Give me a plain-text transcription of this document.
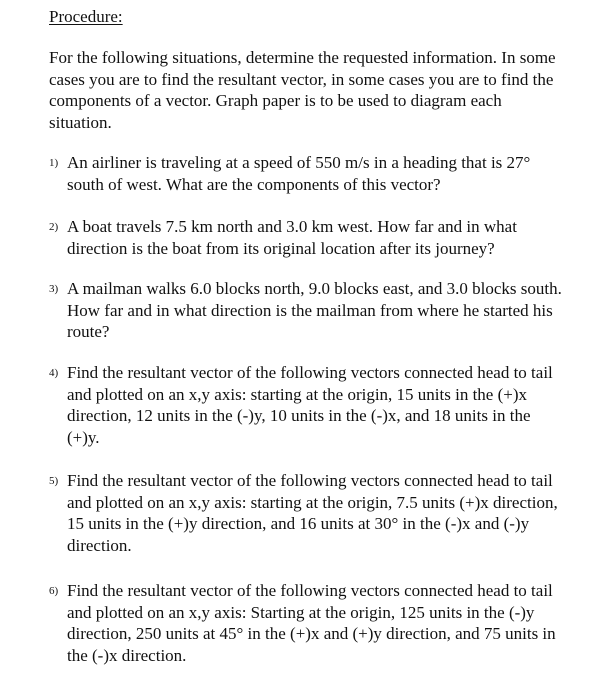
Procedure:

For the following situations, determine the requested information. In some cases you are to find the resultant vector, in some cases you are to find the components of a vector. Graph paper is to be used to diagram each situation.

1) An airliner is traveling at a speed of 550 m/s in a heading that is 27° south of west. What are the components of this vector?
2) A boat travels 7.5 km north and 3.0 km west. How far and in what direction is the boat from its original location after its journey?
3) A mailman walks 6.0 blocks north, 9.0 blocks east, and 3.0 blocks south. How far and in what direction is the mailman from where he started his route?
4) Find the resultant vector of the following vectors connected head to tail and plotted on an x,y axis: starting at the origin, 15 units in the (+)x direction, 12 units in the (-)y, 10 units in the (-)x, and 18 units in the (+)y.
5) Find the resultant vector of the following vectors connected head to tail and plotted on an x,y axis: starting at the origin, 7.5 units (+)x direction, 15 units in the (+)y direction, and 16 units at 30° in the (-)x and (-)y direction.
6) Find the resultant vector of the following vectors connected head to tail and plotted on an x,y axis: Starting at the origin, 125 units in the (-)y direction, 250 units at 45° in the (+)x and (+)y direction, and 75 units in the (-)x direction.
